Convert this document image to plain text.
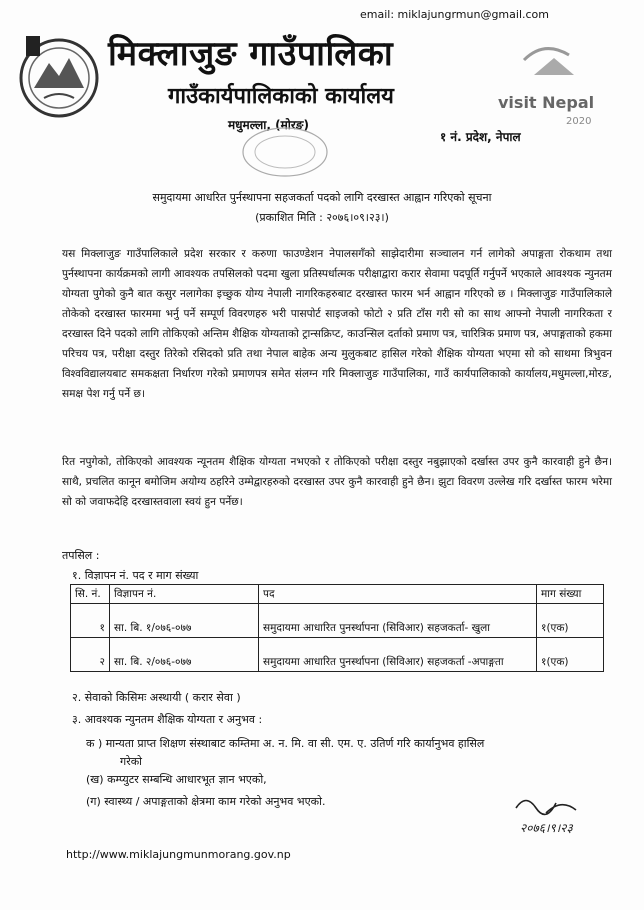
email: miklajungrmun@gmail.com
मिक्लाजुङ गाउँपालिका
गाउँकार्यपालिकाको कार्यालय
मधुमल्ला, (मोरङ)
१ नं. प्रदेश, नेपाल
visit Nepal
2020
समुदायमा आधरित पुर्नस्थापना सहजकर्ता पदको लागि दरखास्त आह्वान गरिएको सूचना
(प्रकाशित मिति : २०७६।०९।२३।)
यस मिक्लाजुङ गाउँपालिकाले प्रदेश सरकार र करुणा फाउण्डेशन नेपालसगँको साझेदारीमा सञ्चालन गर्न लागेको अपाङ्गता रोकथाम तथा पुर्नस्थापना कार्यक्रमको लागी आवश्यक तपसिलको पदमा खुला प्रतिस्पर्धात्मक परीक्षाद्वारा करार सेवामा पदपूर्ति गर्नुपर्ने भएकाले आवश्यक न्युनतम योग्यता पुगेको कुनै बात कसुर नलागेका इच्छुक योग्य नेपाली नागरिकहरुबाट दरखास्त फारम भर्न आह्वान गरिएको छ । मिक्लाजुङ गाउँपालिकाले तोकेको दरखास्त फारममा भर्नु पर्ने सम्पूर्ण विवरणहरु भरी पासपोर्ट साइजको फोटो २ प्रति टाँस गरी सो का साथ आफ्नो नेपाली नागरिकता र दरखास्त दिने पदको लागि तोकिएको अन्तिम शैक्षिक योग्यताको ट्रान्सक्रिप्ट, काउन्सिल दर्ताको प्रमाण पत्र, चारित्रिक प्रमाण पत्र, अपाङ्गताको हकमा परिचय पत्र, परीक्षा दस्तुर तिरेको रसिदको प्रति तथा नेपाल बाहेक अन्य मुलुकबाट हासिल गरेको शैक्षिक योग्यता भएमा सो को साथमा त्रिभुवन विश्वविद्यालयबाट समकक्षता निर्धारण गरेको प्रमाणपत्र समेत संलग्न गरि मिक्लाजुङ गाउँपालिका, गाउँ कार्यपालिकाको कार्यालय,मधुमल्ला,मोरङ, समक्ष पेश गर्नु पर्ने छ।
रित नपुगेको, तोकिएको आवश्यक न्यूनतम शैक्षिक योग्यता नभएको र तोकिएको परीक्षा दस्तुर नबुझाएको दर्खास्त उपर कुनै कारवाही हुने छैन। साथै, प्रचलित कानून बमोजिम अयोग्य ठहरिने उम्मेद्वारहरुको दरखास्त उपर कुनै कारवाही हुने छैन। झुटा विवरण उल्लेख गरि दर्खास्त फारम भरेमा सो को जवाफदेहि दरखास्तवाला स्वयं हुन पर्नेछ।
तपसिल :
१. विज्ञापन नं. पद र माग संख्या
सि. नं.	विज्ञापन नं.	पद	माग संख्या
१	सा. बि. १/०७६-०७७	समुदायमा आधारित पुनर्स्थापना (सिविआर) सहजकर्ता- खुला	१(एक)
२	सा. बि. २/०७६-०७७	समुदायमा आधारित पुनर्स्थापना (सिविआर) सहजकर्ता -अपाङ्गता	१(एक)
२. सेवाको किसिमः अस्थायी ( करार सेवा )
३. आवश्यक न्युनतम शैक्षिक योग्यता र अनुभव :
क ) मान्यता प्राप्त शिक्षण संस्थाबाट कम्तिमा अ. न. मि. वा सी. एम. ए. उतिर्ण गरि कार्यानुभव हासिल
गरेको
(ख) कम्प्युटर सम्बन्धि आधारभूत ज्ञान भएको,
(ग) स्वास्थ्य / अपाङ्गताको क्षेत्रमा काम गरेको अनुभव भएको.
२०७६।९।२३
http://www.miklajungmunmorang.gov.np
